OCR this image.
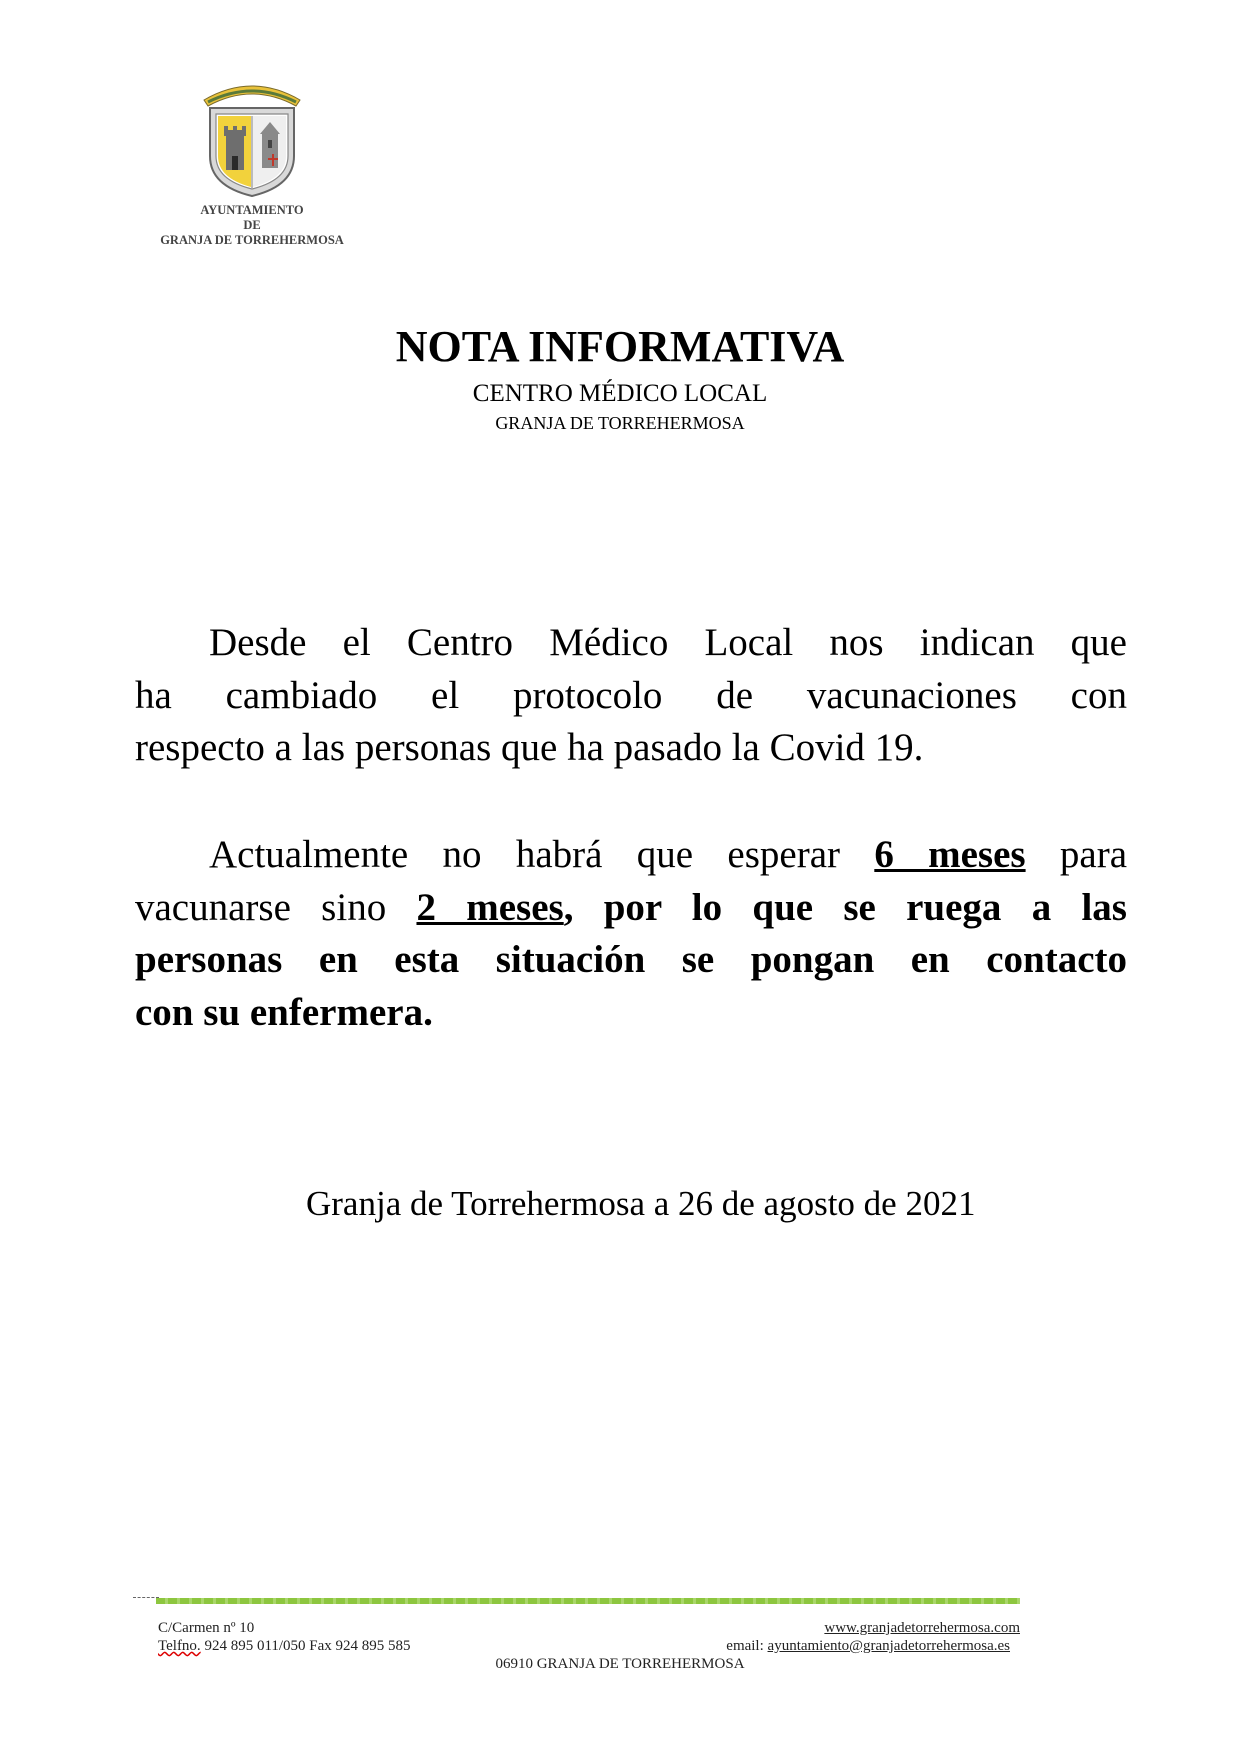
AYUNTAMIENTO
DE
GRANJA DE TORREHERMOSA
NOTA INFORMATIVA
CENTRO MÉDICO LOCAL
GRANJA DE TORREHERMOSA
Desde el Centro Médico Local nos indican que
ha cambiado el protocolo de vacunaciones con
respecto a las personas que ha pasado la Covid 19.
Actualmente no habrá que esperar 6 meses para
vacunarse sino 2 meses, por lo que se ruega a las
personas en esta situación se pongan en contacto
con su enfermera.
Granja de Torrehermosa a 26 de agosto de 2021
C/Carmen nº 10
Telfno. 924 895 011/050 Fax 924 895 585
www.granjadetorrehermosa.com
email: ayuntamiento@granjadetorrehermosa.es
06910 GRANJA DE TORREHERMOSA
